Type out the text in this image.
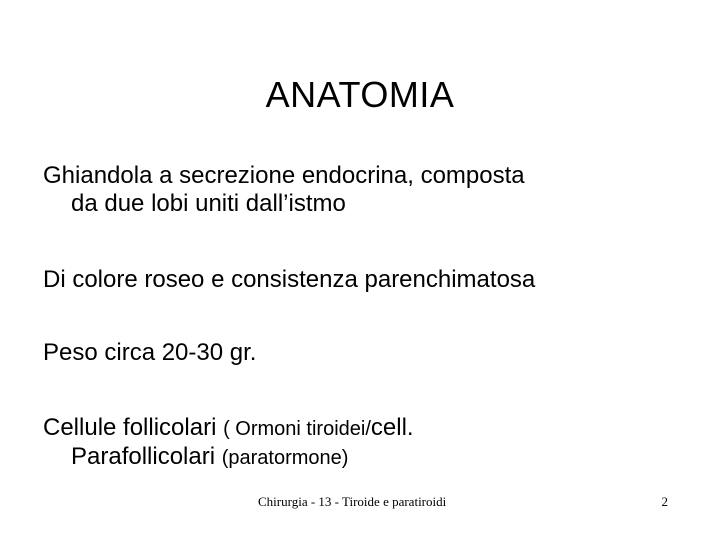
ANATOMIA
Ghiandola a secrezione endocrina, composta
da due lobi uniti dall’istmo
Di colore roseo e consistenza parenchimatosa
Peso circa 20-30 gr.
Cellule follicolari ( Ormoni tiroidei/cell.
Parafollicolari (paratormone)
Chirurgia - 13 - Tiroide e paratiroidi	2
